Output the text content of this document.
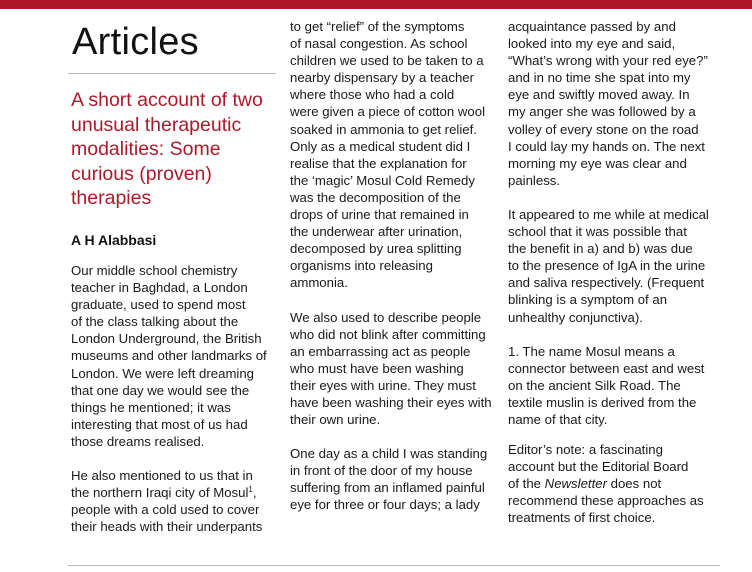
Articles
A short account of two unusual therapeutic modalities: Some curious (proven) therapies
A H Alabbasi

Our middle school chemistry
teacher in Baghdad, a London
graduate, used to spend most
of the class talking about the
London Underground, the British
museums and other landmarks of
London. We were left dreaming
that one day we would see the
things he mentioned; it was
interesting that most of us had
those dreams realised.

He also mentioned to us that in
the northern Iraqi city of Mosul$^1$,
people with a cold used to cover
their heads with their underpants

to get “relief” of the symptoms
of nasal congestion. As school
children we used to be taken to a
nearby dispensary by a teacher
where those who had a cold
were given a piece of cotton wool
soaked in ammonia to get relief.
Only as a medical student did I
realise that the explanation for
the ‘magic’ Mosul Cold Remedy
was the decomposition of the
drops of urine that remained in
the underwear after urination,
decomposed by urea splitting
organisms into releasing
ammonia.

We also used to describe people
who did not blink after committing
an embarrassing act as people
who must have been washing
their eyes with urine. They must
have been washing their eyes with
their own urine.

One day as a child I was standing
in front of the door of my house
suffering from an inflamed painful
eye for three or four days; a lady

acquaintance passed by and
looked into my eye and said,
“What’s wrong with your red eye?”
and in no time she spat into my
eye and swiftly moved away. In
my anger she was followed by a
volley of every stone on the road
I could lay my hands on. The next
morning my eye was clear and
painless.

It appeared to me while at medical
school that it was possible that
the benefit in a) and b) was due
to the presence of IgA in the urine
and saliva respectively. (Frequent
blinking is a symptom of an
unhealthy conjunctiva).

1. The name Mosul means a
connector between east and west
on the ancient Silk Road. The
textile muslin is derived from the
name of that city.

Editor’s note: a fascinating
account but the Editorial Board
of the Newsletter does not
recommend these approaches as
treatments of first choice.
